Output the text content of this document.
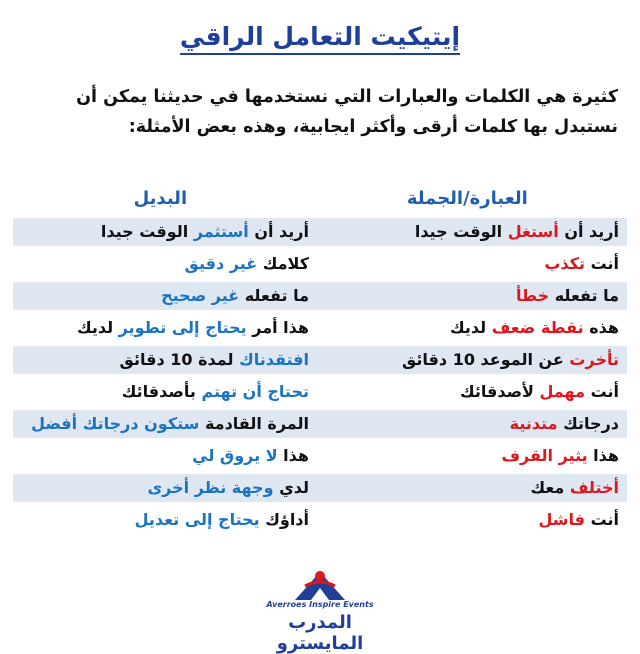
إيتيكيت التعامل الراقي
كثيرة هي الكلمات والعبارات التي نستخدمها في حديثنا يمكن أن نستبدل بها كلمات أرقى وأكثر ايجابية، وهذه بعض الأمثلة:
العبارة/الجملة
البديل
أريد أن أستغل الوقت جيدا
أريد أن أستثمر الوقت جيدا
أنت تكذب
كلامك غير دقيق
ما تفعله خطأ
ما تفعله غير صحيح
هذه نقطة ضعف لديك
هذا أمر يحتاج إلى تطوير لديك
تأخرت عن الموعد 10 دقائق
افتقدناك لمدة 10 دقائق
أنت مهمل لأصدقائك
تحتاج أن تهتم بأصدقائك
درجاتك متدنية
المرة القادمة ستكون درجاتك أفضل
هذا يثير القرف
هذا لا يروق لي
أختلف معك
لدي وجهة نظر أخرى
أنت فاشل
أداؤك يحتاج إلى تعديل
Averroes Inspire Events
المدرب المايسترو
